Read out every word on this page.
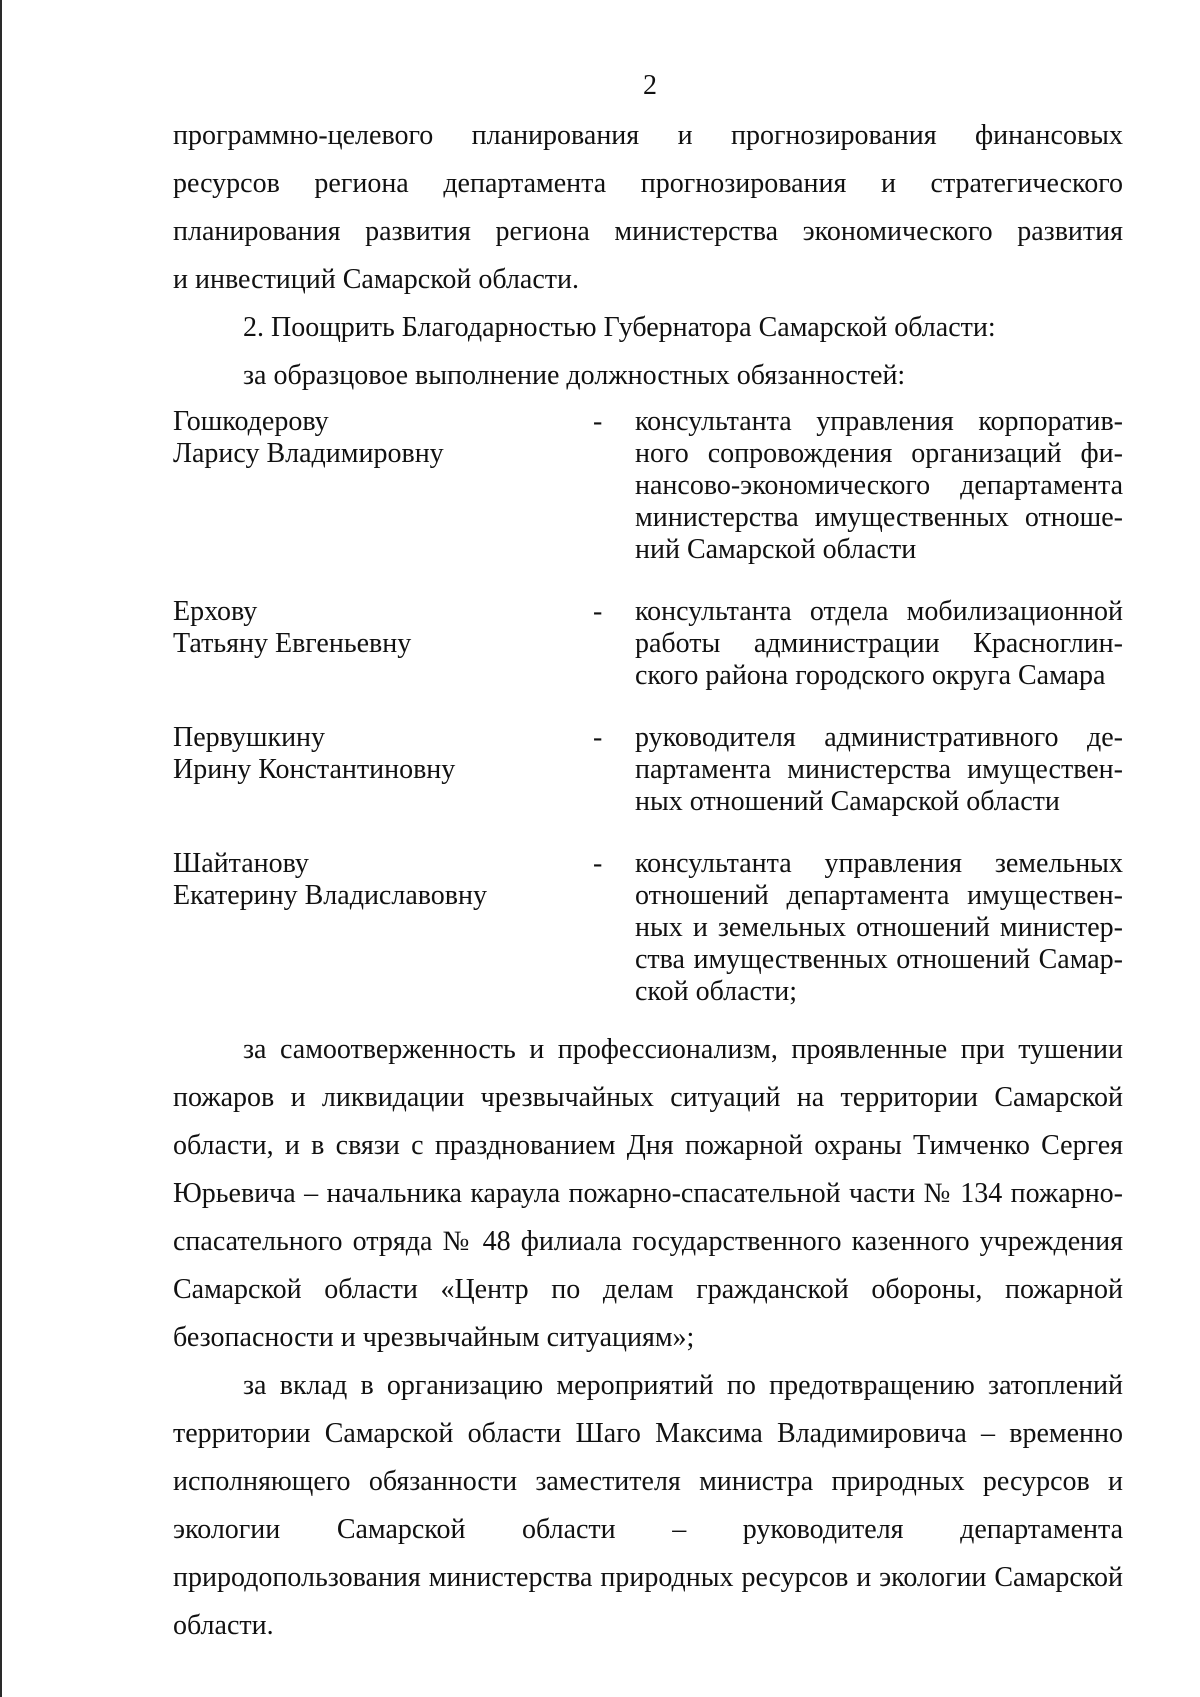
2

программно-целевого планирования и прогнозирования финансовых
ресурсов региона департамента прогнозирования и стратегического
планирования развития региона министерства экономического развития
и инвестиций Самарской области.

2. Поощрить Благодарностью Губернатора Самарской области:

за образцовое выполнение должностных обязанностей:

Гошкодерову
Ларису Владимировну
-	консультанта управления корпоративного сопровождения организаций финансово-экономического департамента министерства имущественных отношений Самарской области
Ерхову
Татьяну Евгеньевну
-	консультанта отдела мобилизационной работы администрации Красноглинского района городского округа Самара
Первушкину
Ирину Константиновну
-	руководителя административного департамента министерства имущественных отношений Самарской области
Шайтанову
Екатерину Владиславовну
-	консультанта управления земельных отношений департамента имущественных и земельных отношений министерства имущественных отношений Самарской области;

за самоотверженность и профессионализм, проявленные при тушении пожаров и ликвидации чрезвычайных ситуаций на территории Самарской области, и в связи с празднованием Дня пожарной охраны Тимченко Сергея Юрьевича – начальника караула пожарно-спасательной части № 134 пожарно-спасательного отряда № 48 филиала государственного казенного учреждения Самарской области «Центр по делам гражданской обороны, пожарной безопасности и чрезвычайным ситуациям»;

за вклад в организацию мероприятий по предотвращению затоплений территории Самарской области Шаго Максима Владимировича – временно исполняющего обязанности заместителя министра природных ресурсов и экологии Самарской области – руководителя департамента природопользования министерства природных ресурсов и экологии Самарской области.
